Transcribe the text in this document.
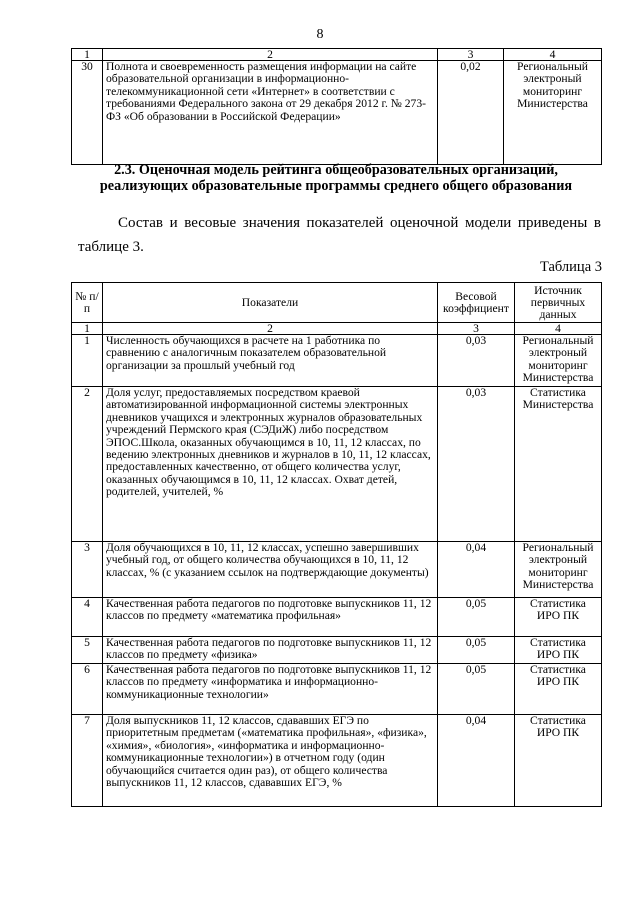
8
1	2	3	4
30	Полнота и своевременность размещения информации на сайте образовательной организации в информационно-телекоммуникационной сети «Интернет» в соответствии с требованиями Федерального закона от 29 декабря 2012 г. № 273-ФЗ «Об образовании в Российской Федерации»	0,02	Региональный электроный мониторинг Министерства
2.3. Оценочная модель рейтинга общеобразовательных организаций, реализующих образовательные программы среднего общего образования
Состав и весовые значения показателей оценочной модели приведены в таблице 3.
Таблица 3
№ п/п	Показатели	Весовой коэффициент	Источник первичных данных
1	2	3	4
1	Численность обучающихся в расчете на 1 работника по сравнению с аналогичным показателем образовательной организации за прошлый учебный год	0,03	Региональный электроный мониторинг Министерства
2	Доля услуг, предоставляемых посредством краевой автоматизированной информационной системы электронных дневников учащихся и электронных журналов образовательных учреждений Пермского края (СЭДиЖ) либо посредством ЭПОС.Школа, оказанных обучающимся в 10, 11, 12 классах, по ведению электронных дневников и журналов в 10, 11, 12 классах, предоставленных качественно, от общего количества услуг, оказанных обучающимся в 10, 11, 12 классах. Охват детей, родителей, учителей, %	0,03	Статистика Министерства
3	Доля обучающихся в 10, 11, 12 классах, успешно завершивших учебный год, от общего количества обучающихся в 10, 11, 12 классах, % (с указанием ссылок на подтверждающие документы)	0,04	Региональный электроный мониторинг Министерства
4	Качественная работа педагогов по подготовке выпускников 11, 12 классов по предмету «математика профильная»	0,05	Статистика ИРО ПК
5	Качественная работа педагогов по подготовке выпускников 11, 12 классов по предмету «физика»	0,05	Статистика ИРО ПК
6	Качественная работа педагогов по подготовке выпускников 11, 12 классов по предмету «информатика и информационно-коммуникационные технологии»	0,05	Статистика ИРО ПК
7	Доля выпускников 11, 12 классов, сдававших ЕГЭ по приоритетным предметам («математика профильная», «физика», «химия», «биология», «информатика и информационно-коммуникационные технологии») в отчетном году (один обучающийся считается один раз), от общего количества выпускников 11, 12 классов, сдававших ЕГЭ, %	0,04	Статистика ИРО ПК
